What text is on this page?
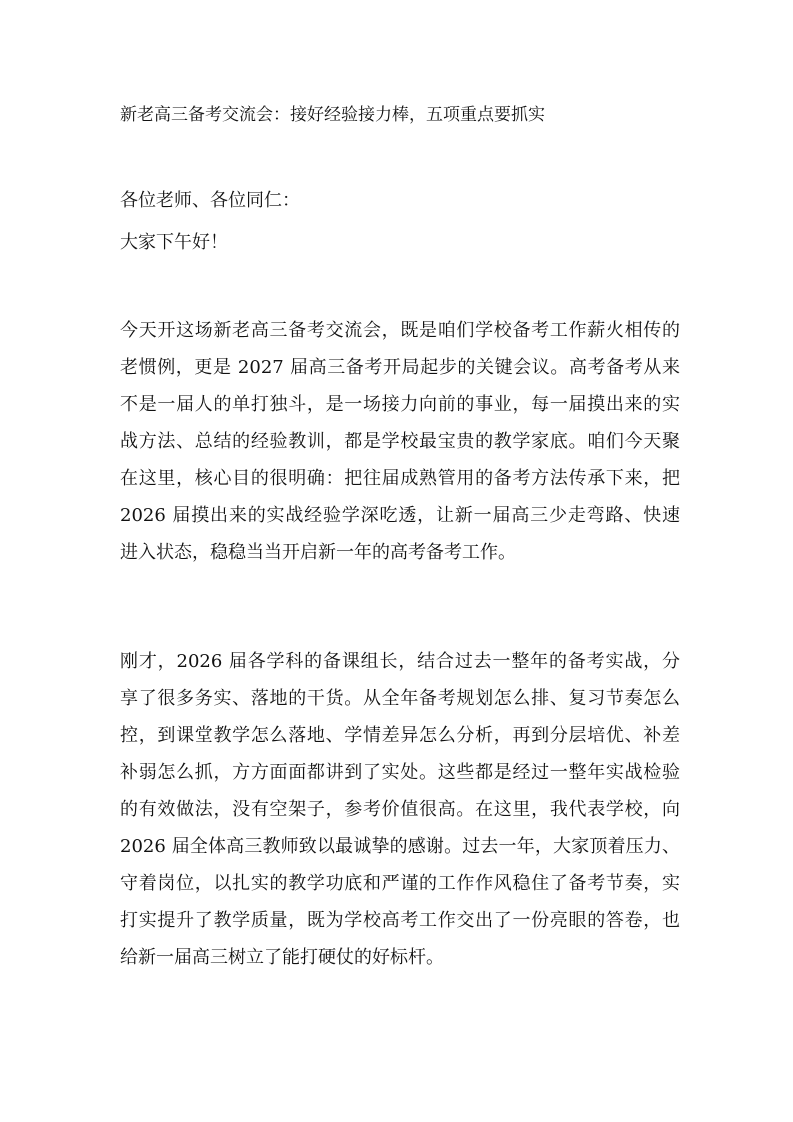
新老高三备考交流会：接好经验接力棒，五项重点要抓实
各位老师、各位同仁：
大家下午好！
今天开这场新老高三备考交流会，既是咱们学校备考工作薪火相传的
老惯例，更是 2027 届高三备考开局起步的关键会议。高考备考从来
不是一届人的单打独斗，是一场接力向前的事业，每一届摸出来的实
战方法、总结的经验教训，都是学校最宝贵的教学家底。咱们今天聚
在这里，核心目的很明确：把往届成熟管用的备考方法传承下来，把
2026 届摸出来的实战经验学深吃透，让新一届高三少走弯路、快速
进入状态，稳稳当当开启新一年的高考备考工作。
刚才，2026 届各学科的备课组长，结合过去一整年的备考实战，分
享了很多务实、落地的干货。从全年备考规划怎么排、复习节奏怎么
控，到课堂教学怎么落地、学情差异怎么分析，再到分层培优、补差
补弱怎么抓，方方面面都讲到了实处。这些都是经过一整年实战检验
的有效做法，没有空架子，参考价值很高。在这里，我代表学校，向
2026 届全体高三教师致以最诚挚的感谢。过去一年，大家顶着压力、
守着岗位，以扎实的教学功底和严谨的工作作风稳住了备考节奏，实
打实提升了教学质量，既为学校高考工作交出了一份亮眼的答卷，也
给新一届高三树立了能打硬仗的好标杆。
